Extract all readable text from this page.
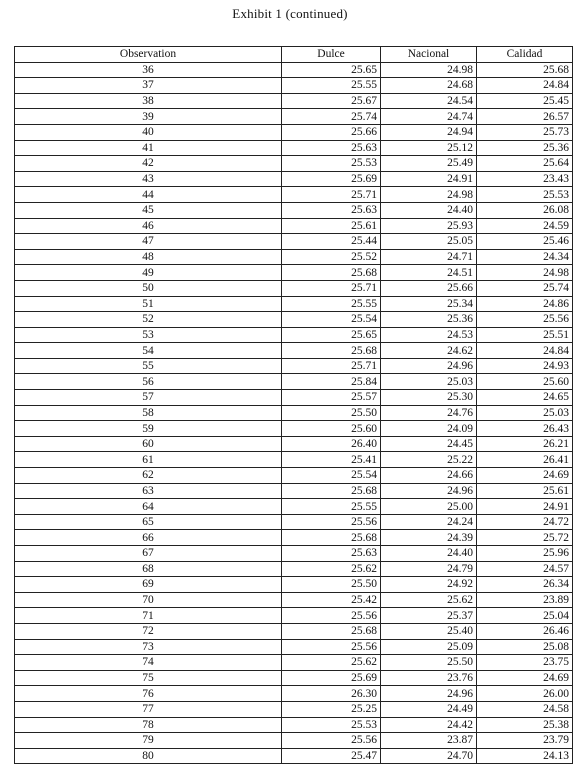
Exhibit 1 (continued)
Observation	Dulce	Nacional	Calidad
36	25.65	24.98	25.68
37	25.55	24.68	24.84
38	25.67	24.54	25.45
39	25.74	24.74	26.57
40	25.66	24.94	25.73
41	25.63	25.12	25.36
42	25.53	25.49	25.64
43	25.69	24.91	23.43
44	25.71	24.98	25.53
45	25.63	24.40	26.08
46	25.61	25.93	24.59
47	25.44	25.05	25.46
48	25.52	24.71	24.34
49	25.68	24.51	24.98
50	25.71	25.66	25.74
51	25.55	25.34	24.86
52	25.54	25.36	25.56
53	25.65	24.53	25.51
54	25.68	24.62	24.84
55	25.71	24.96	24.93
56	25.84	25.03	25.60
57	25.57	25.30	24.65
58	25.50	24.76	25.03
59	25.60	24.09	26.43
60	26.40	24.45	26.21
61	25.41	25.22	26.41
62	25.54	24.66	24.69
63	25.68	24.96	25.61
64	25.55	25.00	24.91
65	25.56	24.24	24.72
66	25.68	24.39	25.72
67	25.63	24.40	25.96
68	25.62	24.79	24.57
69	25.50	24.92	26.34
70	25.42	25.62	23.89
71	25.56	25.37	25.04
72	25.68	25.40	26.46
73	25.56	25.09	25.08
74	25.62	25.50	23.75
75	25.69	23.76	24.69
76	26.30	24.96	26.00
77	25.25	24.49	24.58
78	25.53	24.42	25.38
79	25.56	23.87	23.79
80	25.47	24.70	24.13
